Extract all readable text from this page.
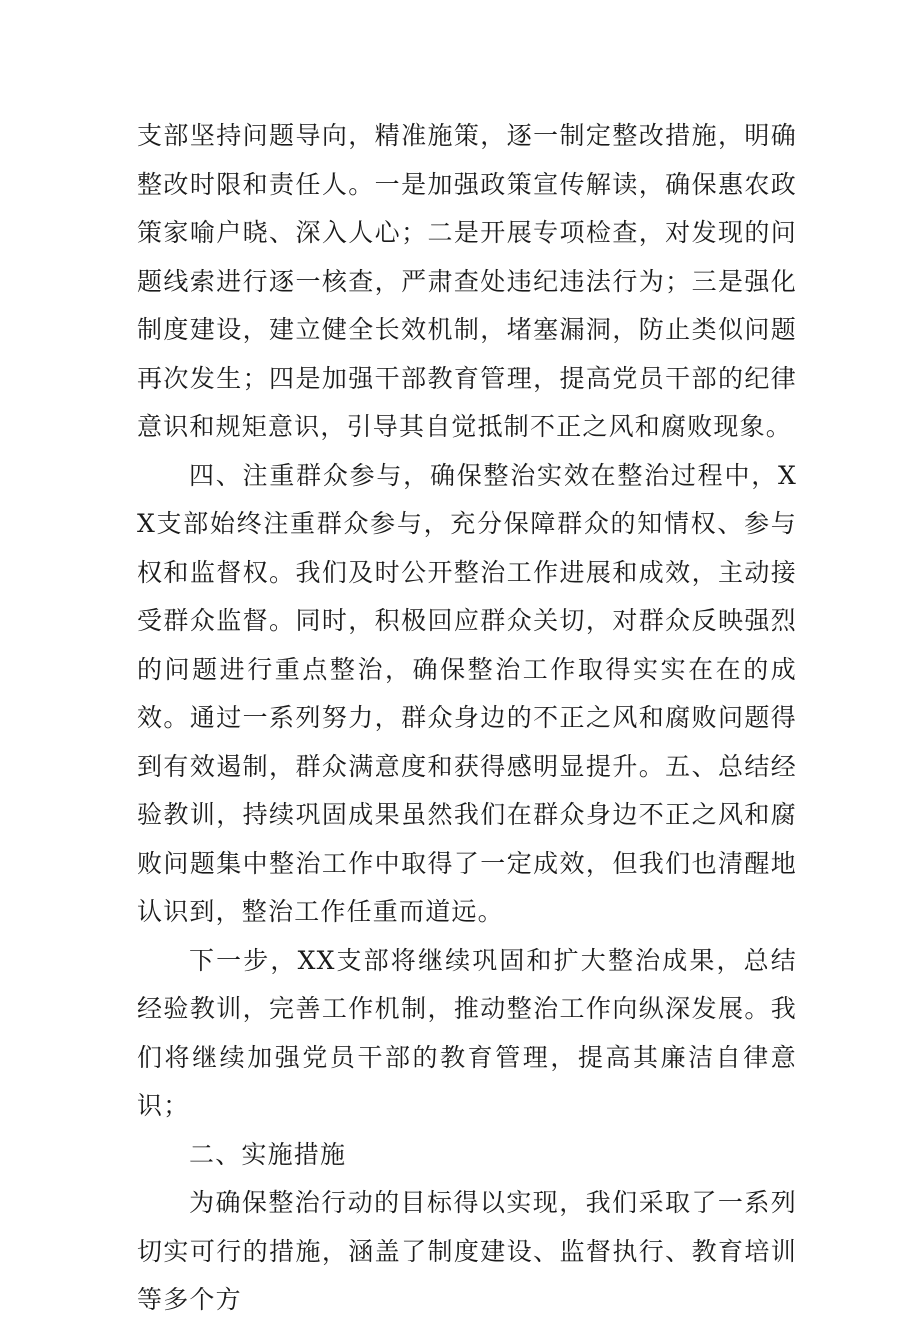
支部坚持问题导向，精准施策，逐一制定整改措施，明确整改时限和责任人。一是加强政策宣传解读，确保惠农政策家喻户晓、深入人心；二是开展专项检查，对发现的问题线索进行逐一核查，严肃查处违纪违法行为；三是强化制度建设，建立健全长效机制，堵塞漏洞，防止类似问题再次发生；四是加强干部教育管理，提高党员干部的纪律意识和规矩意识，引导其自觉抵制不正之风和腐败现象。

四、注重群众参与，确保整治实效在整治过程中，XX支部始终注重群众参与，充分保障群众的知情权、参与权和监督权。我们及时公开整治工作进展和成效，主动接受群众监督。同时，积极回应群众关切，对群众反映强烈的问题进行重点整治，确保整治工作取得实实在在的成效。通过一系列努力，群众身边的不正之风和腐败问题得到有效遏制，群众满意度和获得感明显提升。五、总结经验教训，持续巩固成果虽然我们在群众身边不正之风和腐败问题集中整治工作中取得了一定成效，但我们也清醒地认识到，整治工作任重而道远。

下一步，XX支部将继续巩固和扩大整治成果，总结经验教训，完善工作机制，推动整治工作向纵深发展。我们将继续加强党员干部的教育管理，提高其廉洁自律意识；

二、实施措施

为确保整治行动的目标得以实现，我们采取了一系列切实可行的措施，涵盖了制度建设、监督执行、教育培训等多个方
